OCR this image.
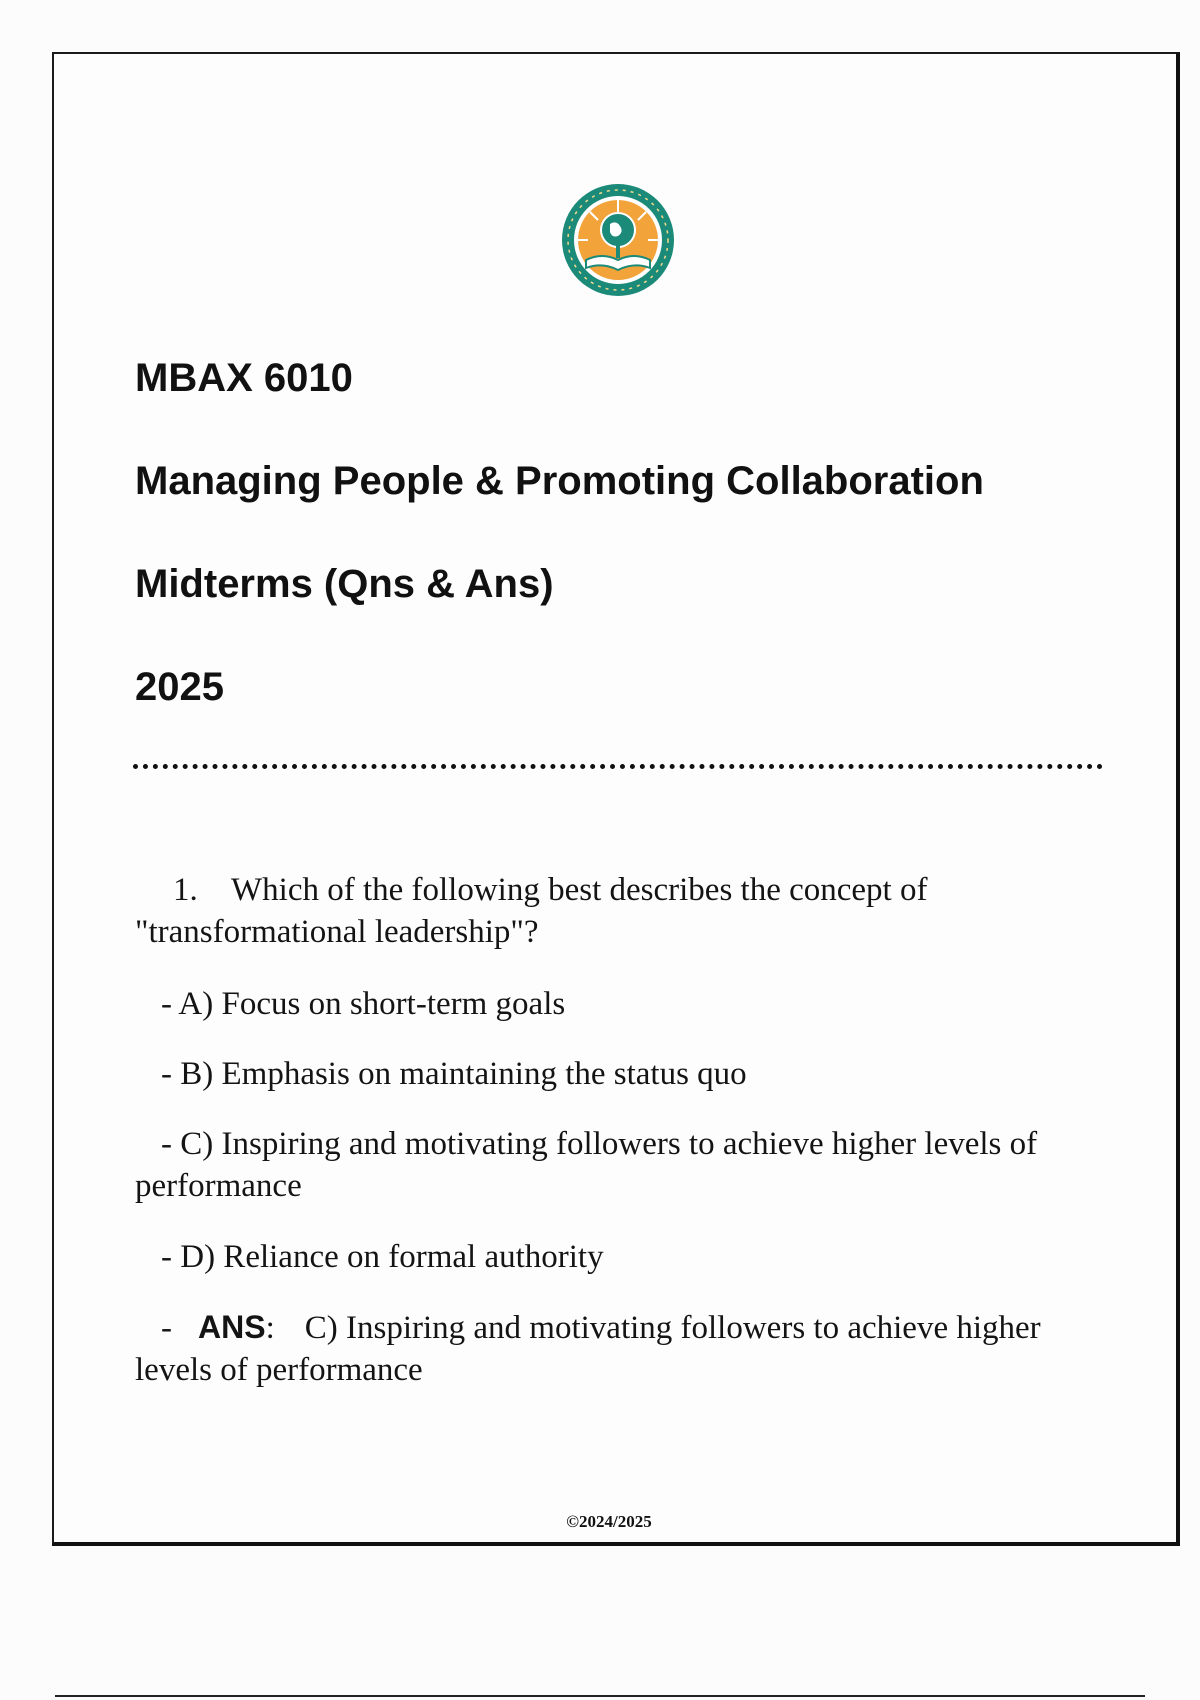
MBAX 6010
Managing People & Promoting Collaboration
Midterms (Qns & Ans)
2025

1. Which of the following best describes the concept of "transformational leadership"?

- A) Focus on short-term goals

- B) Emphasis on maintaining the status quo

- C) Inspiring and motivating followers to achieve higher levels of performance

- D) Reliance on formal authority

- ANS: C) Inspiring and motivating followers to achieve higher levels of performance

©2024/2025
